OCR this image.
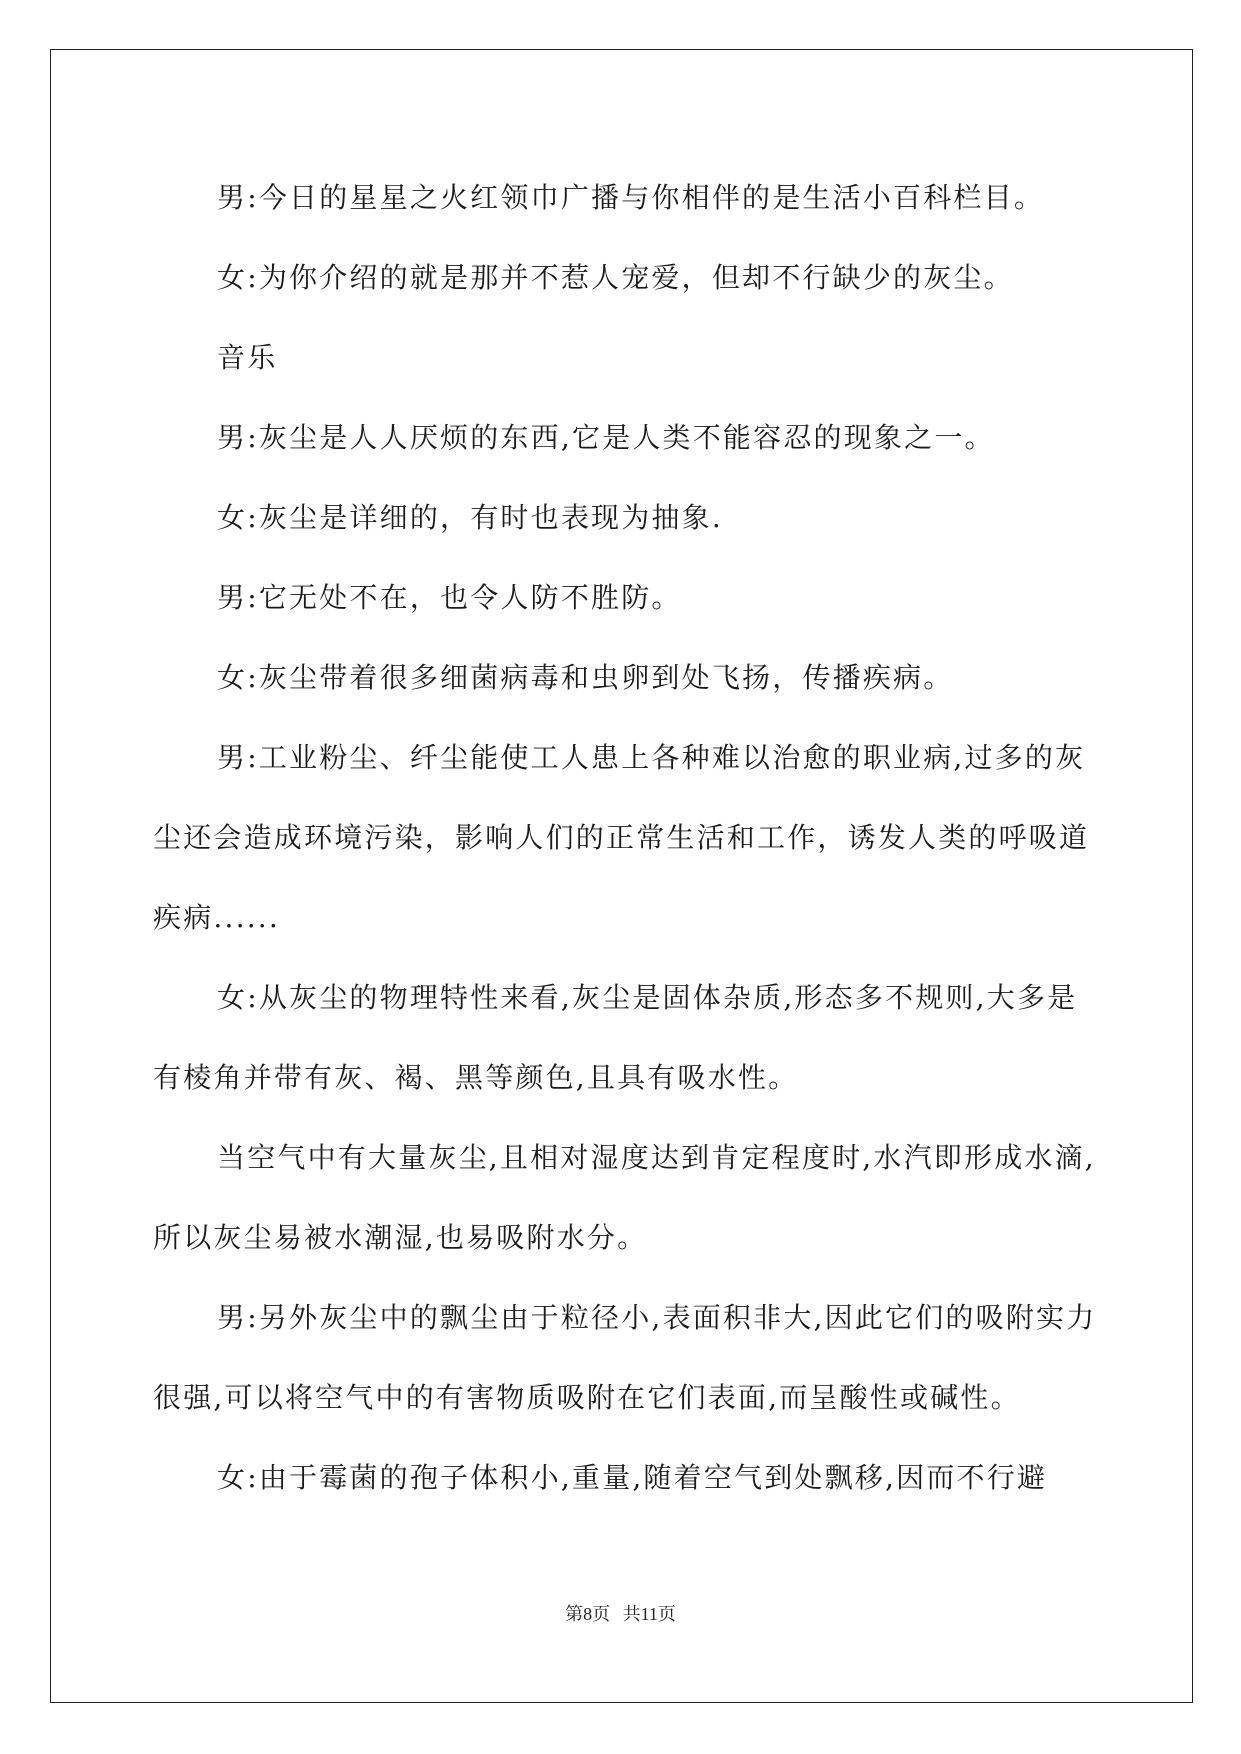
男:今日的星星之火红领巾广播与你相伴的是生活小百科栏目。

女:为你介绍的就是那并不惹人宠爱，但却不行缺少的灰尘。

音乐

男:灰尘是人人厌烦的东西,它是人类不能容忍的现象之一。

女:灰尘是详细的，有时也表现为抽象.

男:它无处不在，也令人防不胜防。

女:灰尘带着很多细菌病毒和虫卵到处飞扬，传播疾病。

男:工业粉尘、纤尘能使工人患上各种难以治愈的职业病,过多的灰尘还会造成环境污染，影响人们的正常生活和工作，诱发人类的呼吸道疾病......

女:从灰尘的物理特性来看,灰尘是固体杂质,形态多不规则,大多是有棱角并带有灰、褐、黑等颜色,且具有吸水性。

当空气中有大量灰尘,且相对湿度达到肯定程度时,水汽即形成水滴,所以灰尘易被水潮湿,也易吸附水分。

男:另外灰尘中的飘尘由于粒径小,表面积非大,因此它们的吸附实力很强,可以将空气中的有害物质吸附在它们表面,而呈酸性或碱性。

女:由于霉菌的孢子体积小,重量,随着空气到处飘移,因而不行避

第8页 共11页
